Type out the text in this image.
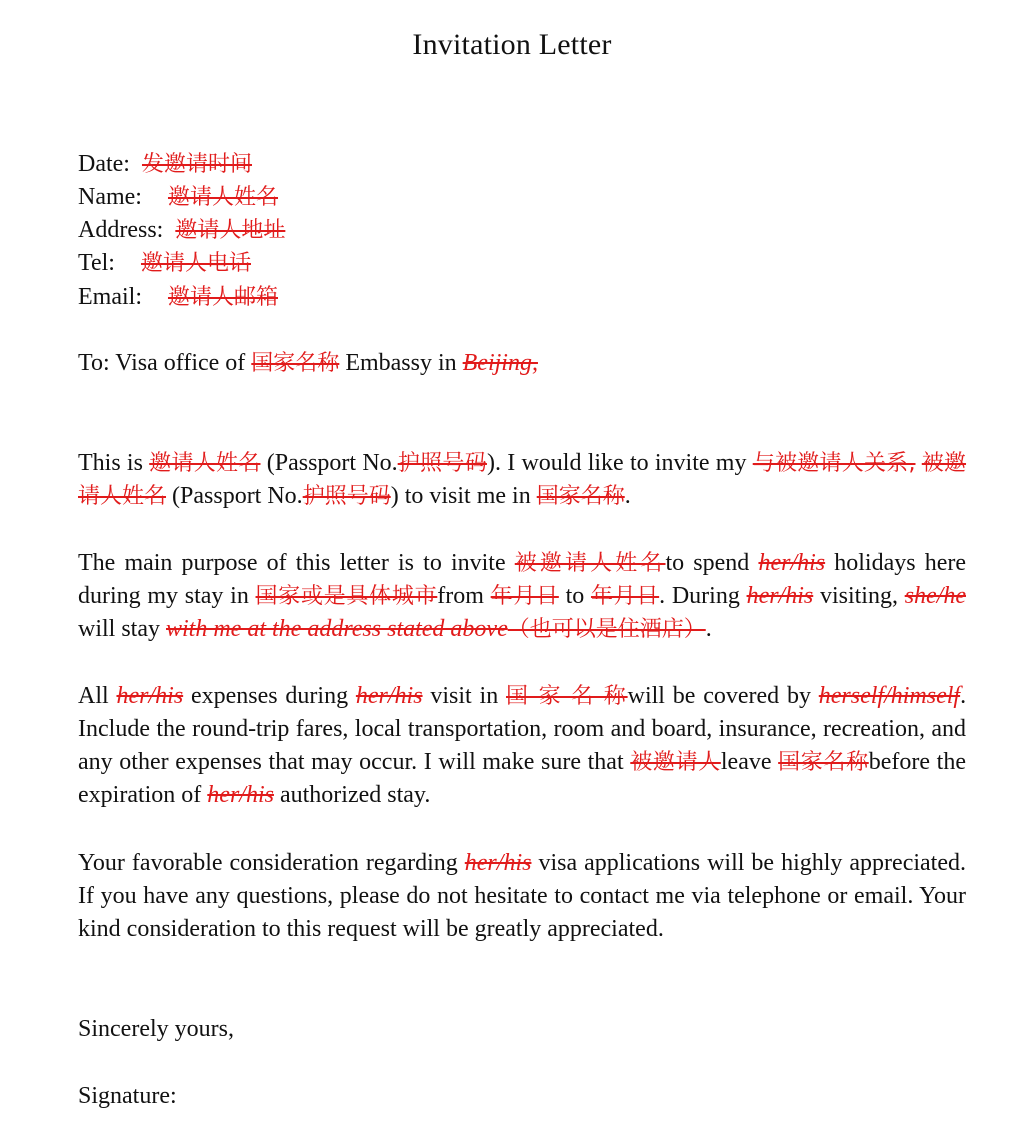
Invitation Letter
Date: 发邀请时间
Name: 邀请人姓名
Address: 邀请人地址
Tel: 邀请人电话
Email: 邀请人邮箱
To: Visa office of 国家名称 Embassy in Beijing,
This is 邀请人姓名 (Passport No.护照号码). I would like to invite my 与被邀请人关系, 被邀请人姓名 (Passport No.护照号码) to visit me in 国家名称.
The main purpose of this letter is to invite 被邀请人姓名to spend her/his holidays here during my stay in 国家或是具体城市from 年月日 to 年月日. During her/his visiting, she/he will stay with me at the address stated above（也可以是住酒店）.
All her/his expenses during her/his visit in 国 家 名 称will be covered by herself/himself. Include the round-trip fares, local transportation, room and board, insurance, recreation, and any other expenses that may occur. I will make sure that 被邀请人leave 国家名称before the expiration of her/his authorized stay.
Your favorable consideration regarding her/his visa applications will be highly appreciated. If you have any questions, please do not hesitate to contact me via telephone or email. Your kind consideration to this request will be greatly appreciated.
Sincerely yours,
Signature:
